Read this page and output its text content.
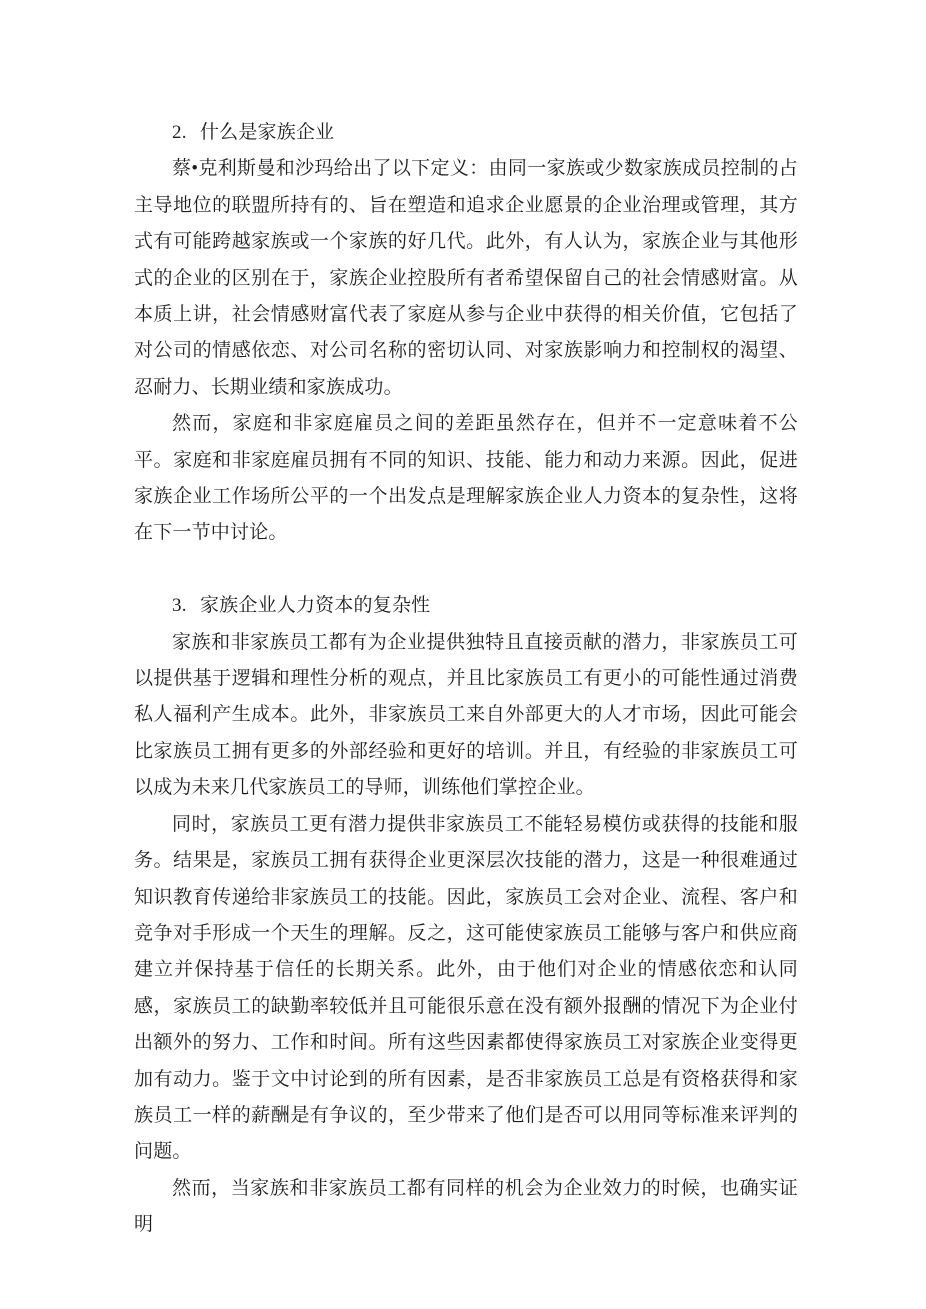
2. 什么是家族企业

蔡•克利斯曼和沙玛给出了以下定义：由同一家族或少数家族成员控制的占主导地位的联盟所持有的、旨在塑造和追求企业愿景的企业治理或管理，其方式有可能跨越家族或一个家族的好几代。此外，有人认为，家族企业与其他形式的企业的区别在于，家族企业控股所有者希望保留自己的社会情感财富。从本质上讲，社会情感财富代表了家庭从参与企业中获得的相关价值，它包括了对公司的情感依恋、对公司名称的密切认同、对家族影响力和控制权的渴望、忍耐力、长期业绩和家族成功。

然而，家庭和非家庭雇员之间的差距虽然存在，但并不一定意味着不公平。家庭和非家庭雇员拥有不同的知识、技能、能力和动力来源。因此，促进家族企业工作场所公平的一个出发点是理解家族企业人力资本的复杂性，这将在下一节中讨论。

3. 家族企业人力资本的复杂性

家族和非家族员工都有为企业提供独特且直接贡献的潜力，非家族员工可以提供基于逻辑和理性分析的观点，并且比家族员工有更小的可能性通过消费私人福利产生成本。此外，非家族员工来自外部更大的人才市场，因此可能会比家族员工拥有更多的外部经验和更好的培训。并且，有经验的非家族员工可以成为未来几代家族员工的导师，训练他们掌控企业。

同时，家族员工更有潜力提供非家族员工不能轻易模仿或获得的技能和服务。结果是，家族员工拥有获得企业更深层次技能的潜力，这是一种很难通过知识教育传递给非家族员工的技能。因此，家族员工会对企业、流程、客户和竞争对手形成一个天生的理解。反之，这可能使家族员工能够与客户和供应商建立并保持基于信任的长期关系。此外，由于他们对企业的情感依恋和认同感，家族员工的缺勤率较低并且可能很乐意在没有额外报酬的情况下为企业付出额外的努力、工作和时间。所有这些因素都使得家族员工对家族企业变得更加有动力。鉴于文中讨论到的所有因素，是否非家族员工总是有资格获得和家族员工一样的薪酬是有争议的，至少带来了他们是否可以用同等标准来评判的问题。

然而，当家族和非家族员工都有同样的机会为企业效力的时候，也确实证明
